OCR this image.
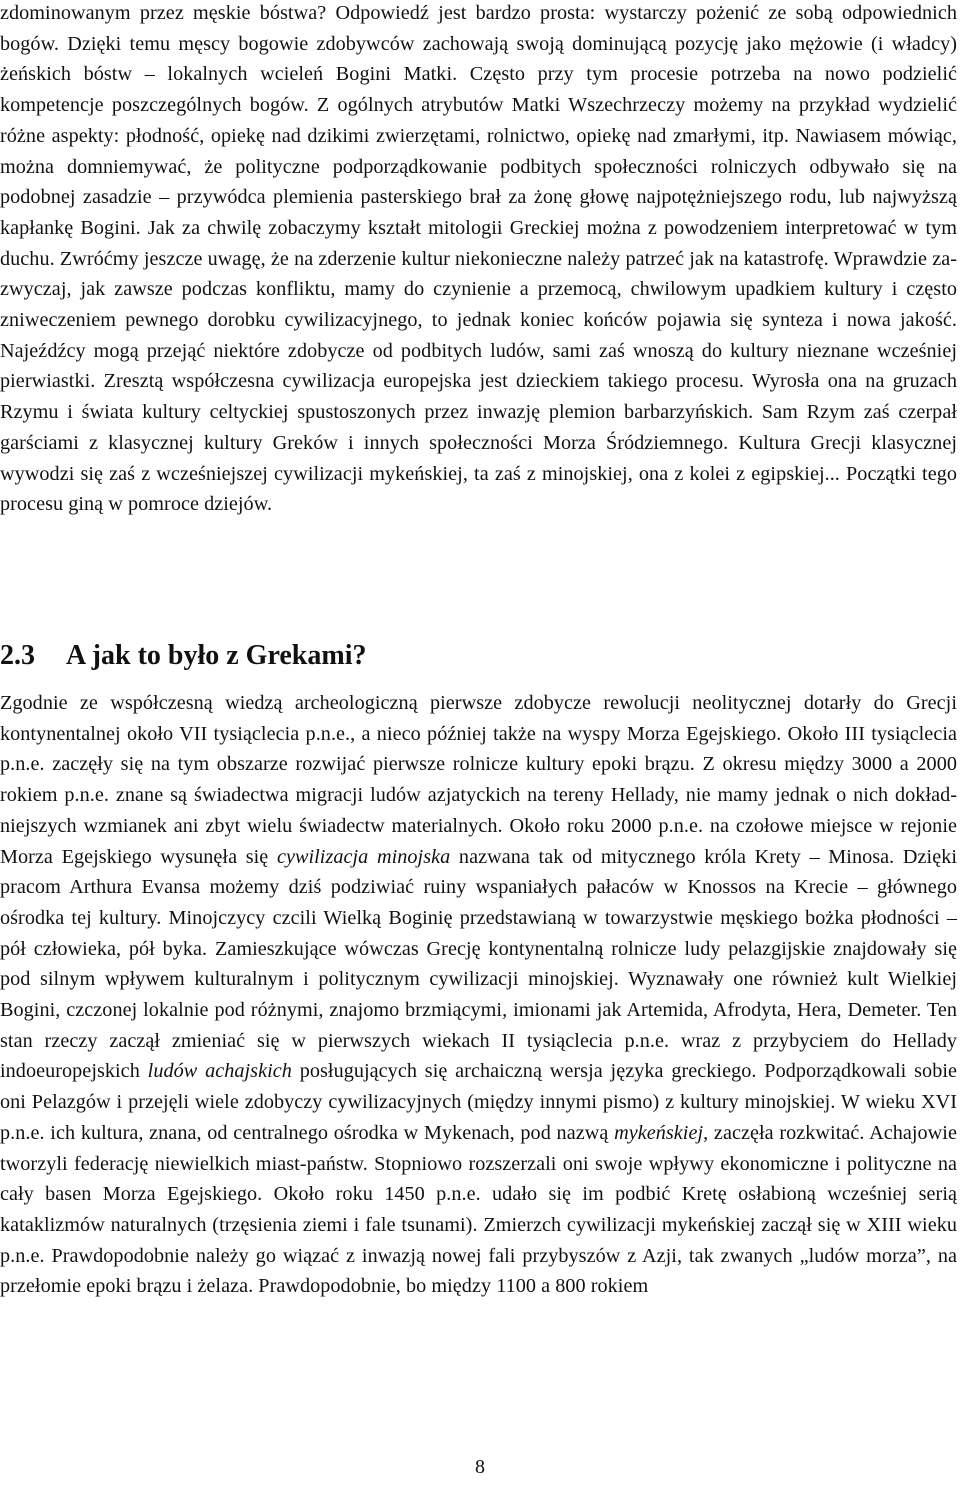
zdominowanym przez męskie bóstwa? Odpowiedź jest bardzo prosta: wystarczy pożenić ze sobą odpowiednich bogów. Dzięki temu męscy bogowie zdobywców zachowają swoją dominującą pozycję jako mężowie (i władcy) żeńskich bóstw – lokalnych wcieleń Bogini Matki. Często przy tym procesie potrzeba na nowo podzielić kompetencje poszczególnych bogów. Z ogólnych atrybutów Matki Wszechrzeczy możemy na przykład wydzielić różne aspekty: płodność, opiekę nad dzikimi zwierzętami, rolnictwo, opiekę nad zmarłymi, itp. Nawiasem mówiąc, można domniemywać, że polityczne podporządkowanie podbitych społeczności rolniczych odbywało się na podobnej zasadzie – przywódca plemienia pasterskiego brał za żonę głowę najpotężniejszego rodu, lub najwyższą kapłankę Bogini. Jak za chwilę zobaczymy kształt mitologii Greckiej można z powodzeniem interpretować w tym duchu. Zwróćmy jeszcze uwagę, że na zderzenie kultur niekonieczne należy patrzeć jak na katastrofę. Wprawdzie zazwyczaj, jak zawsze podczas konfliktu, mamy do czynienie a przemocą, chwilowym upadkiem kultury i często zniweczeniem pewnego dorobku cywilizacyjnego, to jednak koniec końców pojawia się synteza i nowa jakość. Najeźdźcy mogą przejąć niektóre zdobycze od podbitych ludów, sami zaś wnoszą do kultury nieznane wcześniej pierwiastki. Zresztą współczesna cywilizacja europejska jest dzieckiem takiego procesu. Wyrosła ona na gruzach Rzymu i świata kultury celtyckiej spustoszonych przez inwazję plemion barbarzyńskich. Sam Rzym zaś czerpał garściami z klasycznej kultury Greków i innych społeczności Morza Śródziemnego. Kultura Grecji klasycznej wywodzi się zaś z wcześniejszej cywilizacji mykeńskiej, ta zaś z minojskiej, ona z kolei z egipskiej... Początki tego procesu giną w pomroce dziejów.

2.3 A jak to było z Grekami?

Zgodnie ze współczesną wiedzą archeologiczną pierwsze zdobycze rewolucji neolitycznej dotarły do Grecji kontynentalnej około VII tysiąclecia p.n.e., a nieco później także na wyspy Morza Egejskiego. Około III tysiąclecia p.n.e. zaczęły się na tym obszarze rozwijać pierwsze rolnicze kultury epoki brązu. Z okresu między 3000 a 2000 rokiem p.n.e. znane są świadectwa migracji ludów azjatyckich na tereny Hellady, nie mamy jednak o nich dokładniejszych wzmianek ani zbyt wielu świadectw materialnych. Około roku 2000 p.n.e. na czołowe miejsce w rejonie Morza Egejskiego wysunęła się cywilizacja minojska nazwana tak od mitycznego króla Krety – Minosa. Dzięki pracom Arthura Evansa możemy dziś podziwiać ruiny wspaniałych pałaców w Knossos na Krecie – głównego ośrodka tej kultury. Minojczycy czcili Wielką Boginię przedstawianą w towarzystwie męskiego bożka płodności – pół człowieka, pół byka. Zamieszkujące wówczas Grecję kontynentalną rolnicze ludy pelazgijskie znajdowały się pod silnym wpływem kulturalnym i politycznym cywilizacji minojskiej. Wyznawały one również kult Wielkiej Bogini, czczonej lokalnie pod różnymi, znajomo brzmiącymi, imionami jak Artemida, Afrodyta, Hera, Demeter. Ten stan rzeczy zaczął zmieniać się w pierwszych wiekach II tysiąclecia p.n.e. wraz z przybyciem do Hellady indoeuropejskich ludów achajskich posługujących się archaiczną wersja języka greckiego. Podporządkowali sobie oni Pelazgów i przejęli wiele zdobyczy cywilizacyjnych (między innymi pismo) z kultury minojskiej. W wieku XVI p.n.e. ich kultura, znana, od centralnego ośrodka w Mykenach, pod nazwą mykeńskiej, zaczęła rozkwitać. Achajowie tworzyli federację niewielkich miast-państw. Stopniowo rozszerzali oni swoje wpływy ekonomiczne i polityczne na cały basen Morza Egejskiego. Około roku 1450 p.n.e. udało się im podbić Kretę osłabioną wcześniej serią kataklizmów naturalnych (trzęsienia ziemi i fale tsunami). Zmierzch cywilizacji mykeńskiej zaczął się w XIII wieku p.n.e. Prawdopodobnie należy go wiązać z inwazją nowej fali przybyszów z Azji, tak zwanych „ludów morza”, na przełomie epoki brązu i żelaza. Prawdopodobnie, bo między 1100 a 800 rokiem

8
